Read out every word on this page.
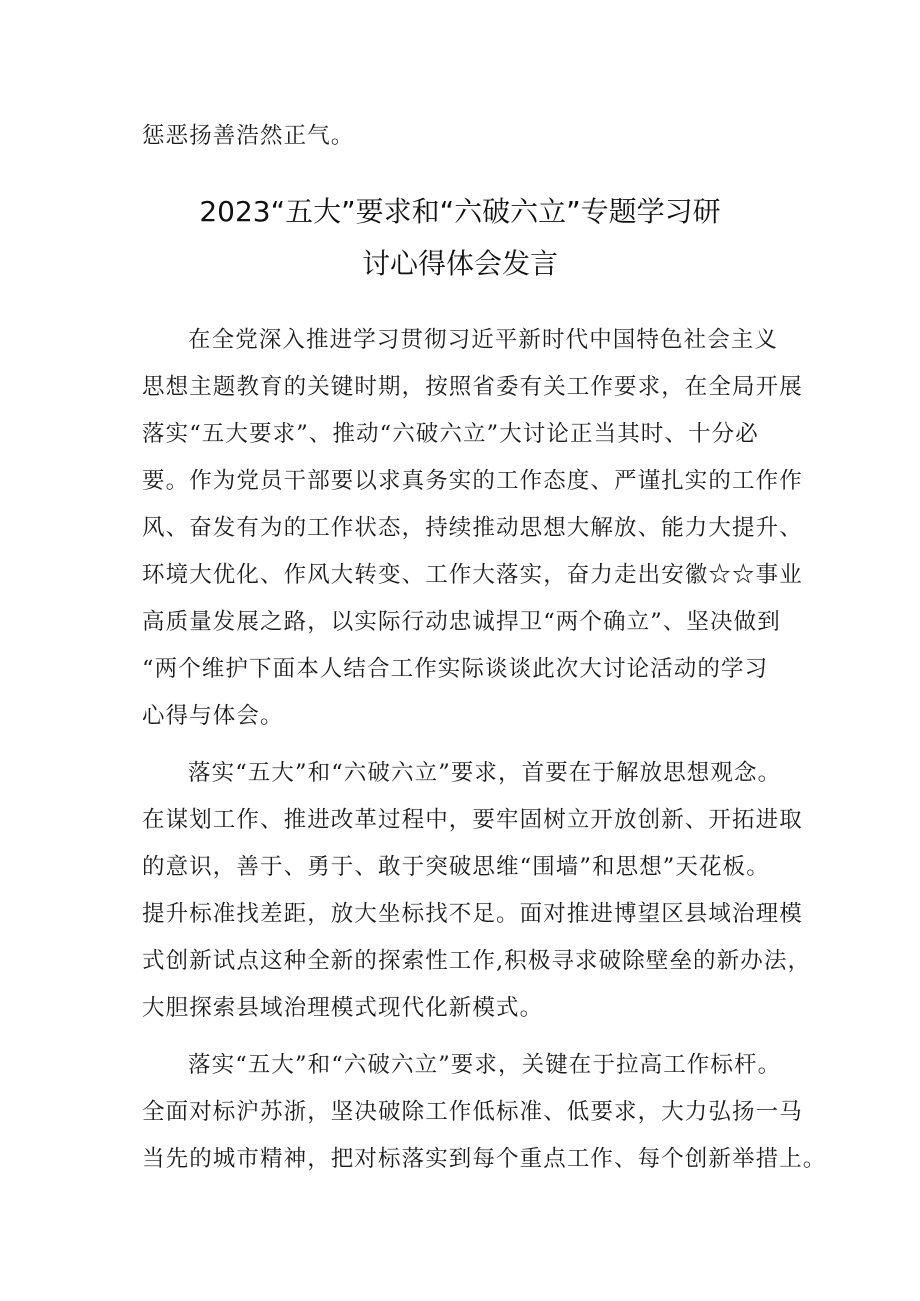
惩恶扬善浩然正气。
2023“五大”要求和“六破六立”专题学习研
讨心得体会发言
在全党深入推进学习贯彻习近平新时代中国特色社会主义
思想主题教育的关键时期，按照省委有关工作要求，在全局开展
落实“五大要求”、推动“六破六立”大讨论正当其时、十分必
要。作为党员干部要以求真务实的工作态度、严谨扎实的工作作
风、奋发有为的工作状态，持续推动思想大解放、能力大提升、
环境大优化、作风大转变、工作大落实，奋力走出安徽☆☆事业
高质量发展之路，以实际行动忠诚捍卫“两个确立”、坚决做到
“两个维护下面本人结合工作实际谈谈此次大讨论活动的学习
心得与体会。
落实“五大”和“六破六立”要求，首要在于解放思想观念。
在谋划工作、推进改革过程中，要牢固树立开放创新、开拓进取
的意识，善于、勇于、敢于突破思维“围墙”和思想”天花板。
提升标准找差距，放大坐标找不足。面对推进博望区县域治理模
式创新试点这种全新的探索性工作,积极寻求破除壁垒的新办法，
大胆探索县域治理模式现代化新模式。
落实“五大”和“六破六立”要求，关键在于拉高工作标杆。
全面对标沪苏浙，坚决破除工作低标准、低要求，大力弘扬一马
当先的城市精神，把对标落实到每个重点工作、每个创新举措上。
